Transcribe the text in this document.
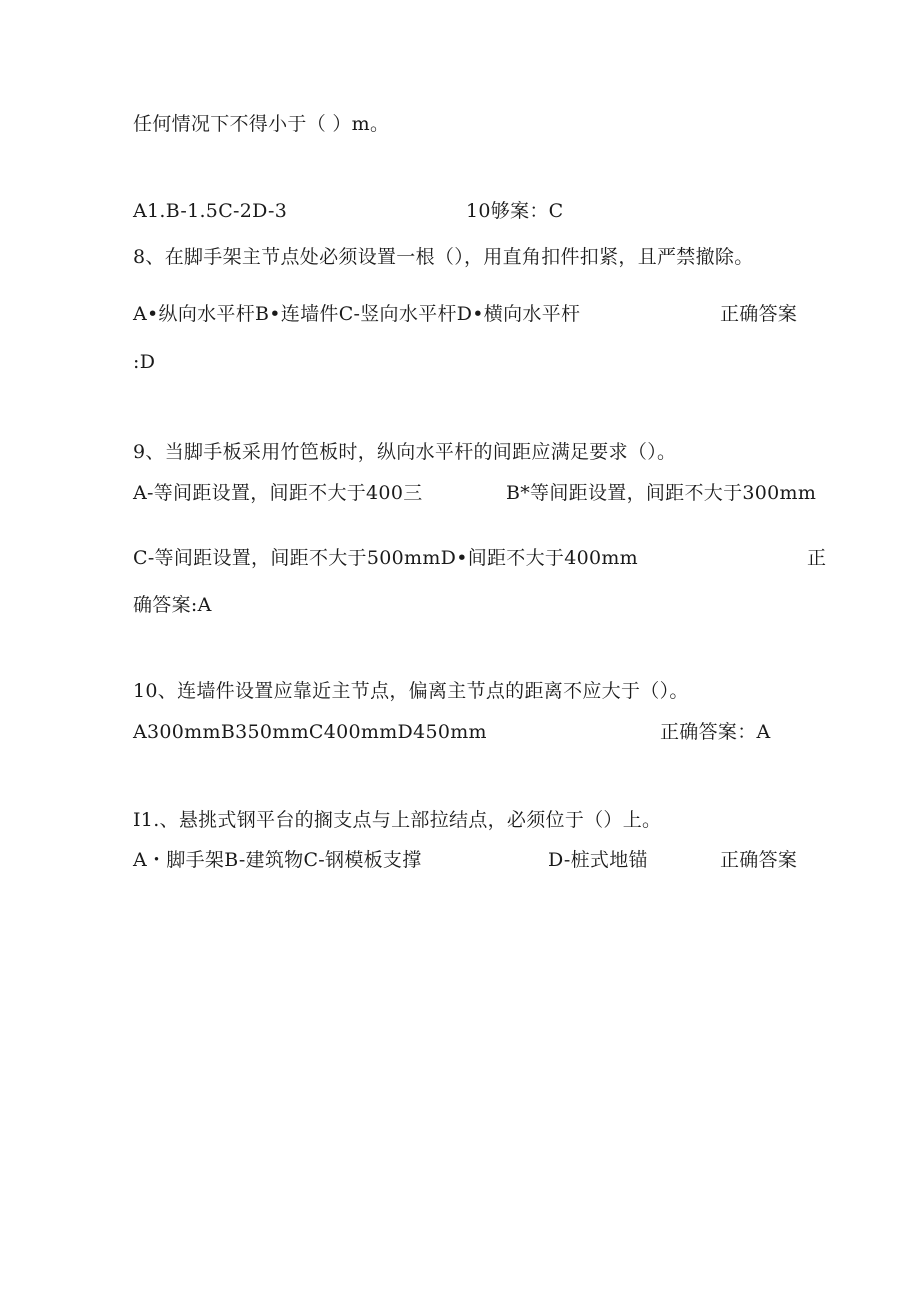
任何情况下不得小于（ ）m。
A1.B-1.5C-2D-3	10够案：C
8、在脚手架主节点处必须设置一根（），用直角扣件扣紧，且严禁撤除。
A•纵向水平杆B•连墙件C-竖向水平杆D•横向水平杆	正确答案
:D
9、当脚手板采用竹笆板时，纵向水平杆的间距应满足要求（）。
A-等间距设置，间距不大于400三	B*等间距设置，间距不大于300mm
C-等间距设置，间距不大于500mmD•间距不大于400mm	正
确答案:A
10、连墙件设置应靠近主节点，偏离主节点的距离不应大于（）。
A300mmB350mmC400mmD450mm	正确答案：A
I1.、悬挑式钢平台的搁支点与上部拉结点，必须位于（）上。
A・脚手架B-建筑物C-钢模板支撑	D-桩式地锚	正确答案
